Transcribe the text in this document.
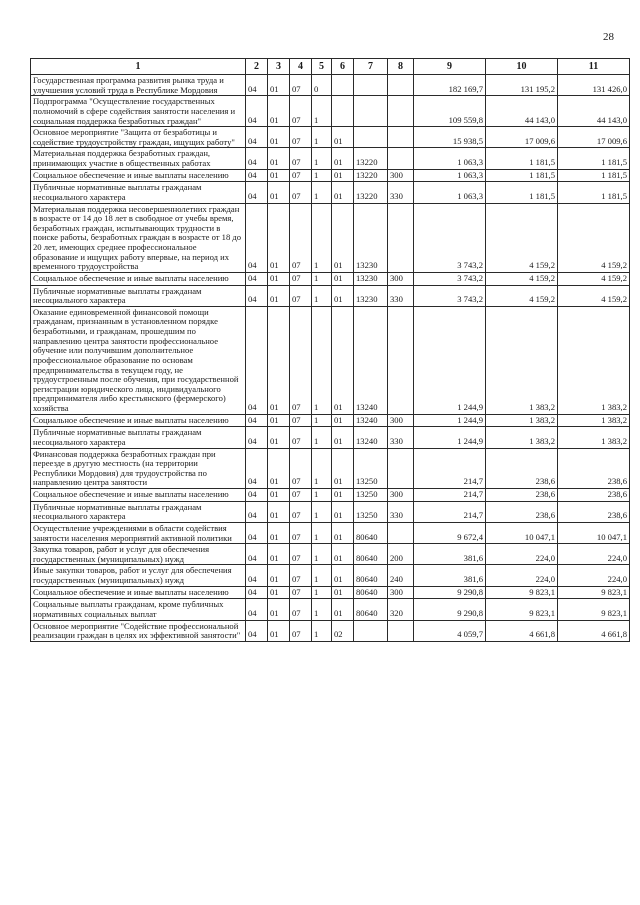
28
1	2	3	4	5	6	7	8	9	10	11
Государственная программа развития рынка труда и улучшения условий труда в Республике Мордовия	04	01	07	0				182 169,7	131 195,2	131 426,0
Подпрограмма "Осуществление государственных полномочий в сфере содействия занятости населения и социальная поддержка безработных граждан"	04	01	07	1				109 559,8	44 143,0	44 143,0
Основное мероприятие "Защита от безработицы и содействие трудоустройству граждан, ищущих работу"	04	01	07	1	01			15 938,5	17 009,6	17 009,6
Материальная поддержка безработных граждан, принимающих участие в общественных работах	04	01	07	1	01	13220		1 063,3	1 181,5	1 181,5
Социальное обеспечение и иные выплаты населению	04	01	07	1	01	13220	300	1 063,3	1 181,5	1 181,5
Публичные нормативные выплаты гражданам несоциального характера	04	01	07	1	01	13220	330	1 063,3	1 181,5	1 181,5
Материальная поддержка несовершеннолетних граждан в возрасте от 14 до 18 лет в свободное от учебы время, безработных граждан, испытывающих трудности в поиске работы, безработных граждан в возрасте от 18 до 20 лет, имеющих среднее профессиональное образование и ищущих работу впервые, на период их временного трудоустройства	04	01	07	1	01	13230		3 743,2	4 159,2	4 159,2
Социальное обеспечение и иные выплаты населению	04	01	07	1	01	13230	300	3 743,2	4 159,2	4 159,2
Публичные нормативные выплаты гражданам несоциального характера	04	01	07	1	01	13230	330	3 743,2	4 159,2	4 159,2
Оказание единовременной финансовой помощи гражданам, признанным в установленном порядке безработными, и гражданам, прошедшим по направлению центра занятости профессиональное обучение или получившим дополнительное профессиональное образование по основам предпринимательства в текущем году, не трудоустроенным после обучения, при государственной регистрации юридического лица, индивидуального предпринимателя либо крестьянского (фермерского) хозяйства	04	01	07	1	01	13240		1 244,9	1 383,2	1 383,2
Социальное обеспечение и иные выплаты населению	04	01	07	1	01	13240	300	1 244,9	1 383,2	1 383,2
Публичные нормативные выплаты гражданам несоциального характера	04	01	07	1	01	13240	330	1 244,9	1 383,2	1 383,2
Финансовая поддержка безработных граждан при переезде в другую местность (на территории Республики Мордовия) для трудоустройства по направлению центра занятости	04	01	07	1	01	13250		214,7	238,6	238,6
Социальное обеспечение и иные выплаты населению	04	01	07	1	01	13250	300	214,7	238,6	238,6
Публичные нормативные выплаты гражданам несоциального характера	04	01	07	1	01	13250	330	214,7	238,6	238,6
Осуществление учреждениями в области содействия занятости населения мероприятий активной политики	04	01	07	1	01	80640		9 672,4	10 047,1	10 047,1
Закупка товаров, работ и услуг для обеспечения государственных (муниципальных) нужд	04	01	07	1	01	80640	200	381,6	224,0	224,0
Иные закупки товаров, работ и услуг для обеспечения государственных (муниципальных) нужд	04	01	07	1	01	80640	240	381,6	224,0	224,0
Социальное обеспечение и иные выплаты населению	04	01	07	1	01	80640	300	9 290,8	9 823,1	9 823,1
Социальные выплаты гражданам, кроме публичных нормативных социальных выплат	04	01	07	1	01	80640	320	9 290,8	9 823,1	9 823,1
Основное мероприятие "Содействие профессиональной реализации граждан в целях их эффективной занятости"	04	01	07	1	02			4 059,7	4 661,8	4 661,8
